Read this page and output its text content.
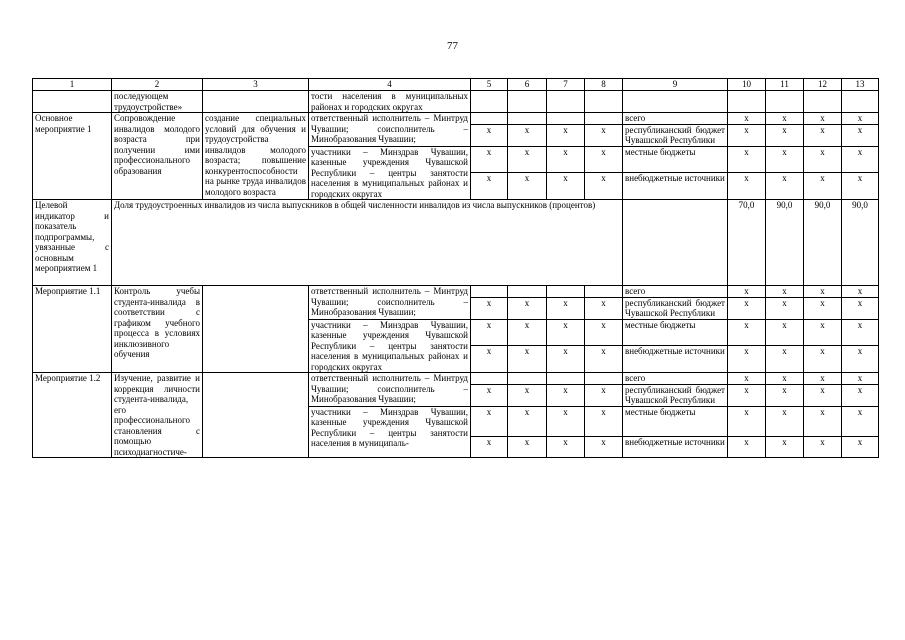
77
1	2	3	4	5	6	7	8	9	10	11	12	13
	последующем трудоустройстве»		тости населения в муниципальных районах и городских округах									
Основное мероприятие 1	Сопровождение инвалидов молодого возраста при получении ими профессионального образования	создание специальных условий для обучения и трудоустройства инвалидов молодого возраста; повышение конкурентоспособности на рынке труда инвалидов молодого возраста	ответственный исполнитель – Минтруд Чувашии; соисполнитель – Минобразования Чувашии;					всего	x	x	x	x
				x	x	x	x	республиканский бюджет Чувашской Республики	x	x	x	x
			участники – Минздрав Чувашии, казенные учреждения Чувашской Республики – центры занятости населения в муниципальных районах и городских округах	x	x	x	x	местные бюджеты	x	x	x	x
				x	x	x	x	внебюджетные источники	x	x	x	x
Целевой индикатор и показатель подпрограммы, увязанные с основным мероприятием 1	Доля трудоустроенных инвалидов из числа выпускников в общей численности инвалидов из числа выпускников (процентов)								70,0	90,0	90,0	90,0
Мероприятие 1.1	Контроль учебы студента-инвалида в соответствии с графиком учебного процесса в условиях инклюзивного обучения		ответственный исполнитель – Минтруд Чувашии; соисполнитель – Минобразования Чувашии;					всего	x	x	x	x
				x	x	x	x	республиканский бюджет Чувашской Республики	x	x	x	x
			участники – Минздрав Чувашии, казенные учреждения Чувашской Республики – центры занятости населения в муниципальных районах и городских округах	x	x	x	x	местные бюджеты	x	x	x	x
				x	x	x	x	внебюджетные источники	x	x	x	x
Мероприятие 1.2	Изучение, развитие и коррекция личности студента-инвалида, его профессионального становления с помощью психодиагностиче-		ответственный исполнитель – Минтруд Чувашии; соисполнитель – Минобразования Чувашии;					всего	x	x	x	x
				x	x	x	x	республиканский бюджет Чувашской Республики	x	x	x	x
			участники – Минздрав Чувашии, казенные учреждения Чувашской Республики – центры занятости населения в муниципаль-	x	x	x	x	местные бюджеты	x	x	x	x
				x	x	x	x	внебюджетные источники	x	x	x	x
